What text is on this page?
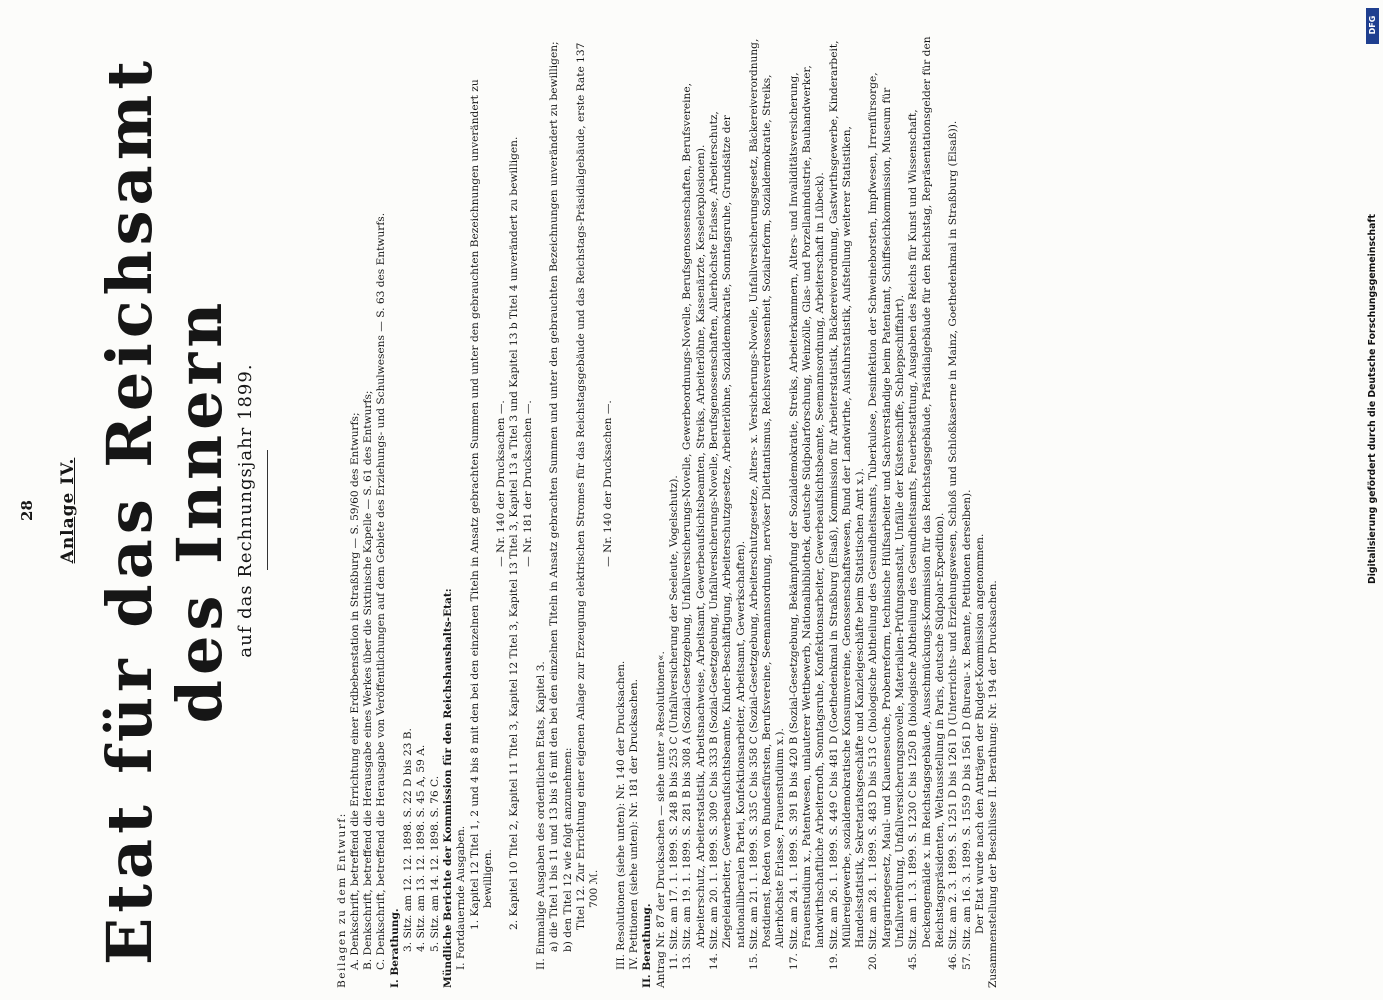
28	Anlage IV. Etat für das Reichsamt des Innern auf das Rechnungsjahr 1899.
Beilagen zu dem Entwurf: A. Denkschrift, betreffend die Errichtung einer Erdbebenstation in Straßburg — S. 59/60 des Entwurfs; B. Denkschrift, betreffend die Herausgabe eines Werkes über die Sixtinische Kapelle — S. 61 des Entwurfs; C. Denkschrift, betreffend die Herausgabe von Veröffentlichungen auf dem Gebiete des Erziehungs- und Schulwesens — S. 63 des Entwurfs. I. Berathung. 3. Sitz. am 12. 12. 1898. S. 22 D bis 23 B. 4. Sitz. am 13. 12. 1898. S. 45 A, 59 A. 5. Sitz. am 14. 12. 1898. S. 76 C. Mündliche Berichte der Kommission für den Reichshaushalts-Etat: I. Fortdauernde Ausgaben. 1. Kapitel 12 Titel 1, 2 und 4 bis 8 mit den bei den einzelnen Titeln in Ansatz gebrachten Summen und unter den gebrauchten Bezeichnungen unverändert zu bewilligen.
— Nr. 140 der Drucksachen —. 2. Kapitel 10 Titel 2, Kapitel 11 Titel 3, Kapitel 12 Titel 3, Kapitel 13 Titel 3, Kapitel 13 a Titel 3 und Kapitel 13 b Titel 4 unverändert zu bewilligen. — Nr. 181 der Drucksachen —.
II. Einmalige Ausgaben des ordentlichen Etats, Kapitel 3. a) die Titel 1 bis 11 und 13 bis 16 mit den bei den einzelnen Titeln in Ansatz gebrachten Summen und unter den gebrauchten Bezeichnungen unverändert zu bewilligen; b) den Titel 12 wie folgt anzunehmen: Titel 12. Zur Errichtung einer eigenen Anlage zur Erzeugung elektrischen Stromes für das Reichstagsgebäude und das Reichstags-Präsidialgebäude, erste Rate 137 700 ℳ.
— Nr. 140 der Drucksachen —.
III. Resolutionen (siehe unten): Nr. 140 der Drucksachen. IV. Petitionen (siehe unten): Nr. 181 der Drucksachen. II. Berathung. Antrag Nr. 87 der Drucksachen — siehe unter »Resolutionen«. 11. Sitz. am 17. 1. 1899. S. 248 B bis 253 C (Unfallversicherung der Seeleute, Vogelschutz). 13. Sitz. am 19. 1. 1899. S. 281 B bis 308 A (Sozial-Gesetzgebung, Unfallversicherungs-Novelle, Gewerbeordnungs-Novelle, Berufsgenossenschaften, Berufsvereine, Arbeiterschutz, Arbeiterstatistik, Arbeitsnachweise, Arbeitsamt, Gewerbeaufsichtsbeamten, Streiks, Arbeiterlöhne, Kassenärzte, Kesselexplosionen). 14. Sitz. am 20. 1. 1899. S. 309 C bis 333 B (Sozial-Gesetzgebung, Unfallversicherungs-Novelle, Berufsgenossenschaften, Allerhöchste Erlasse, Arbeiterschutz, Ziegeleiarbeiter, Gewerbeaufsichtsbeamte, Kinder-Beschäftigung, Arbeiterschutzgesetze, Arbeiterlöhne, Sozialdemokratie, Sonntagsruhe, Grundsätze der nationalliberalen Partei, Konfektionsarbeiter, Arbeitsamt, Gewerkschaften). 15. Sitz. am 21. 1. 1899. S. 335 C bis 358 C (Sozial-Gesetzgebung, Arbeiterschutzgesetze, Alters- x. Versicherungs-Novelle, Unfallversicherungsgesetz, Bäckereiverordnung, Postdienst, Reden von Bundesfürsten, Berufsvereine, Seemannsordnung, nervöser Dilettantismus, Reichsverdrossenheit, Sozialreform, Sozialdemokratie, Streiks, Allerhöchste Erlasse, Frauenstudium x.). 17. Sitz. am 24. 1. 1899. S. 391 B bis 420 B (Sozial-Gesetzgebung, Bekämpfung der Sozialdemokratie, Streiks, Arbeiterkammern, Alters- und Invaliditätsversicherung, Frauenstudium x., Patentwesen, unlauterer Wettbewerb, Nationalbibliothek, deutsche Südpolarforschung, Weinzölle, Glas- und Porzellanindustrie, Bauhandwerker, landwirthschaftliche Arbeiternoth, Sonntagsruhe, Konfektionsarbeiter, Gewerbeaufsichtsbeamte, Seemannsordnung, Arbeiterschaft in Lübeck). 19. Sitz. am 26. 1. 1899. S. 449 C bis 481 D (Goethedenkmal in Straßburg (Elsaß), Kommission für Arbeiterstatistik, Bäckereiverordnung, Gastwirthsgewerbe, Kinderarbeit, Müllereigewerbe, sozialdemokratische Konsumvereine, Genossenschaftswesen, Bund der Landwirthe, Ausfuhrstatistik, Aufstellung weiterer Statistiken, Handelsstatistik, Sekretariatsgeschäfte und Kanzleigeschäfte beim Statistischen Amt x.). 20. Sitz. am 28. 1. 1899. S. 483 D bis 513 C (biologische Abtheilung des Gesundheitsamts, Tuberkulose, Desinfektion der Schweineborsten, Impfwesen, Irrenfürsorge, Margarinegesetz, Maul- und Klauenseuche, Probenreform, technische Hülfsarbeiter und Sachverständige beim Patentamt, Schiffseichkommission, Museum für Unfallverhütung, Unfallversicherungsnovelle, Materialien-Prüfungsanstalt, Unfälle der Küstenschiffe, Schleppschiffahrt). 45. Sitz. am 1. 3. 1899. S. 1230 C bis 1250 B (biologische Abtheilung des Gesundheitsamts, Feuerbestattung, Ausgaben des Reichs für Kunst und Wissenschaft, Deckengemälde x. im Reichstagsgebäude, Ausschmückungs-Kommission für das Reichstagsgebäude, Präsidialgebäude für den Reichstag, Repräsentationsgelder für den Reichstagspräsidenten, Weltausstellung in Paris, deutsche Südpolar-Expedition). 46. Sitz. am 2. 3. 1899. S. 1251 D bis 1261 D (Unterrichts- und Erziehungswesen, Schloß und Schloßkaserne in Mainz, Goethedenkmal in Straßburg (Elsaß)). 57. Sitz. am 16. 3. 1899. S. 1559 D bis 1561 D (Bureau- x. Beamte, Petitionen derselben). Der Etat wurde nach den Anträgen der Budget-Kommission angenommen. Zusammenstellung der Beschlüsse II. Berathung: Nr. 194 der Drucksachen.
DFG
Digitalisierung gefördert durch die Deutsche Forschungsgemeinschaft
